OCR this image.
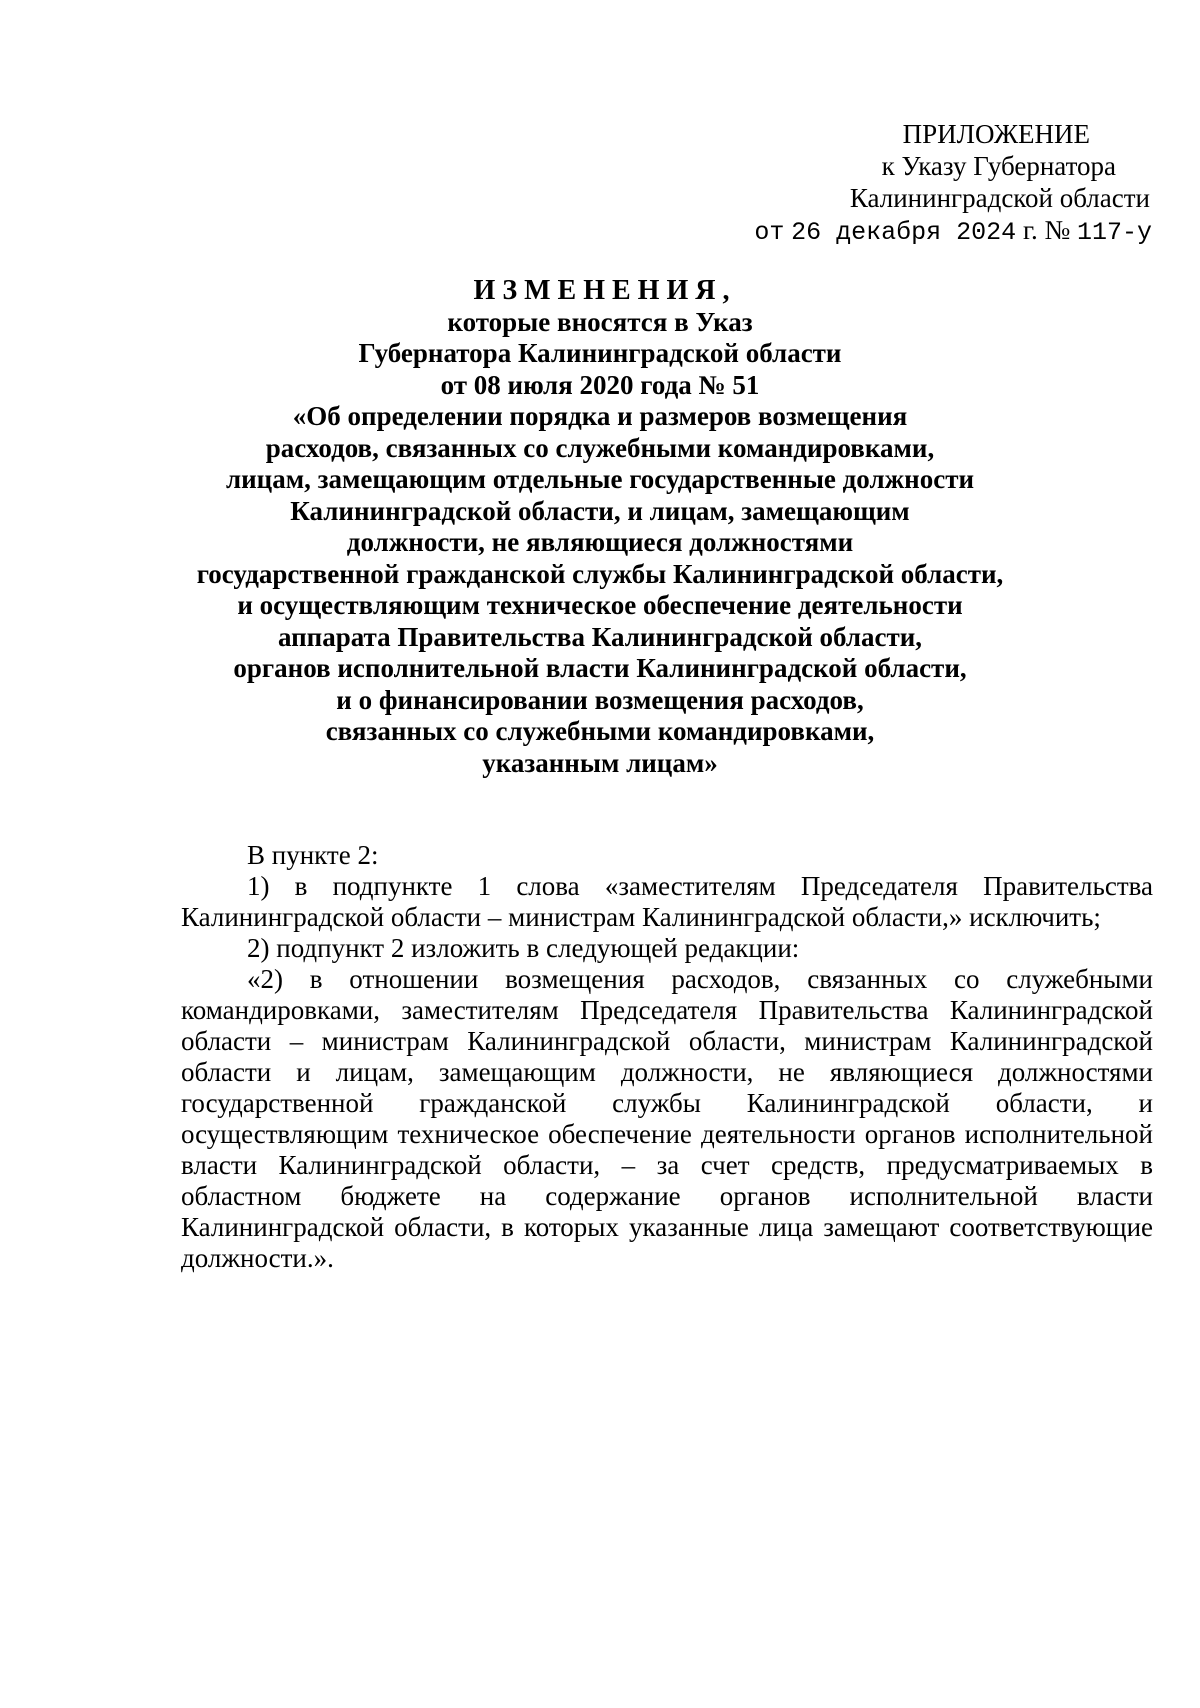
ПРИЛОЖЕНИЕ
к Указу Губернатора
Калининградской области
от 26 декабря 2024 г. № 117-у
ИЗМЕНЕНИЯ,
которые вносятся в Указ
Губернатора Калининградской области
от 08 июля 2020 года № 51
«Об определении порядка и размеров возмещения
расходов, связанных со служебными командировками,
лицам, замещающим отдельные государственные должности
Калининградской области, и лицам, замещающим
должности, не являющиеся должностями
государственной гражданской службы Калининградской области,
и осуществляющим техническое обеспечение деятельности
аппарата Правительства Калининградской области,
органов исполнительной власти Калининградской области,
и о финансировании возмещения расходов,
связанных со служебными командировками,
указанным лицам»

В пункте 2:

1) в подпункте 1 слова «заместителям Председателя Правительства Калининградской области – министрам Калининградской области,» исключить;

2) подпункт 2 изложить в следующей редакции:

«2) в отношении возмещения расходов, связанных со служебными командировками, заместителям Председателя Правительства Калининградской области – министрам Калининградской области, министрам Калининградской области и лицам, замещающим должности, не являющиеся должностями государственной гражданской службы Калининградской области, и осуществляющим техническое обеспечение деятельности органов исполнительной власти Калининградской области, – за счет средств, предусматриваемых в областном бюджете на содержание органов исполнительной власти Калининградской области, в которых указанные лица замещают соответствующие должности.».
